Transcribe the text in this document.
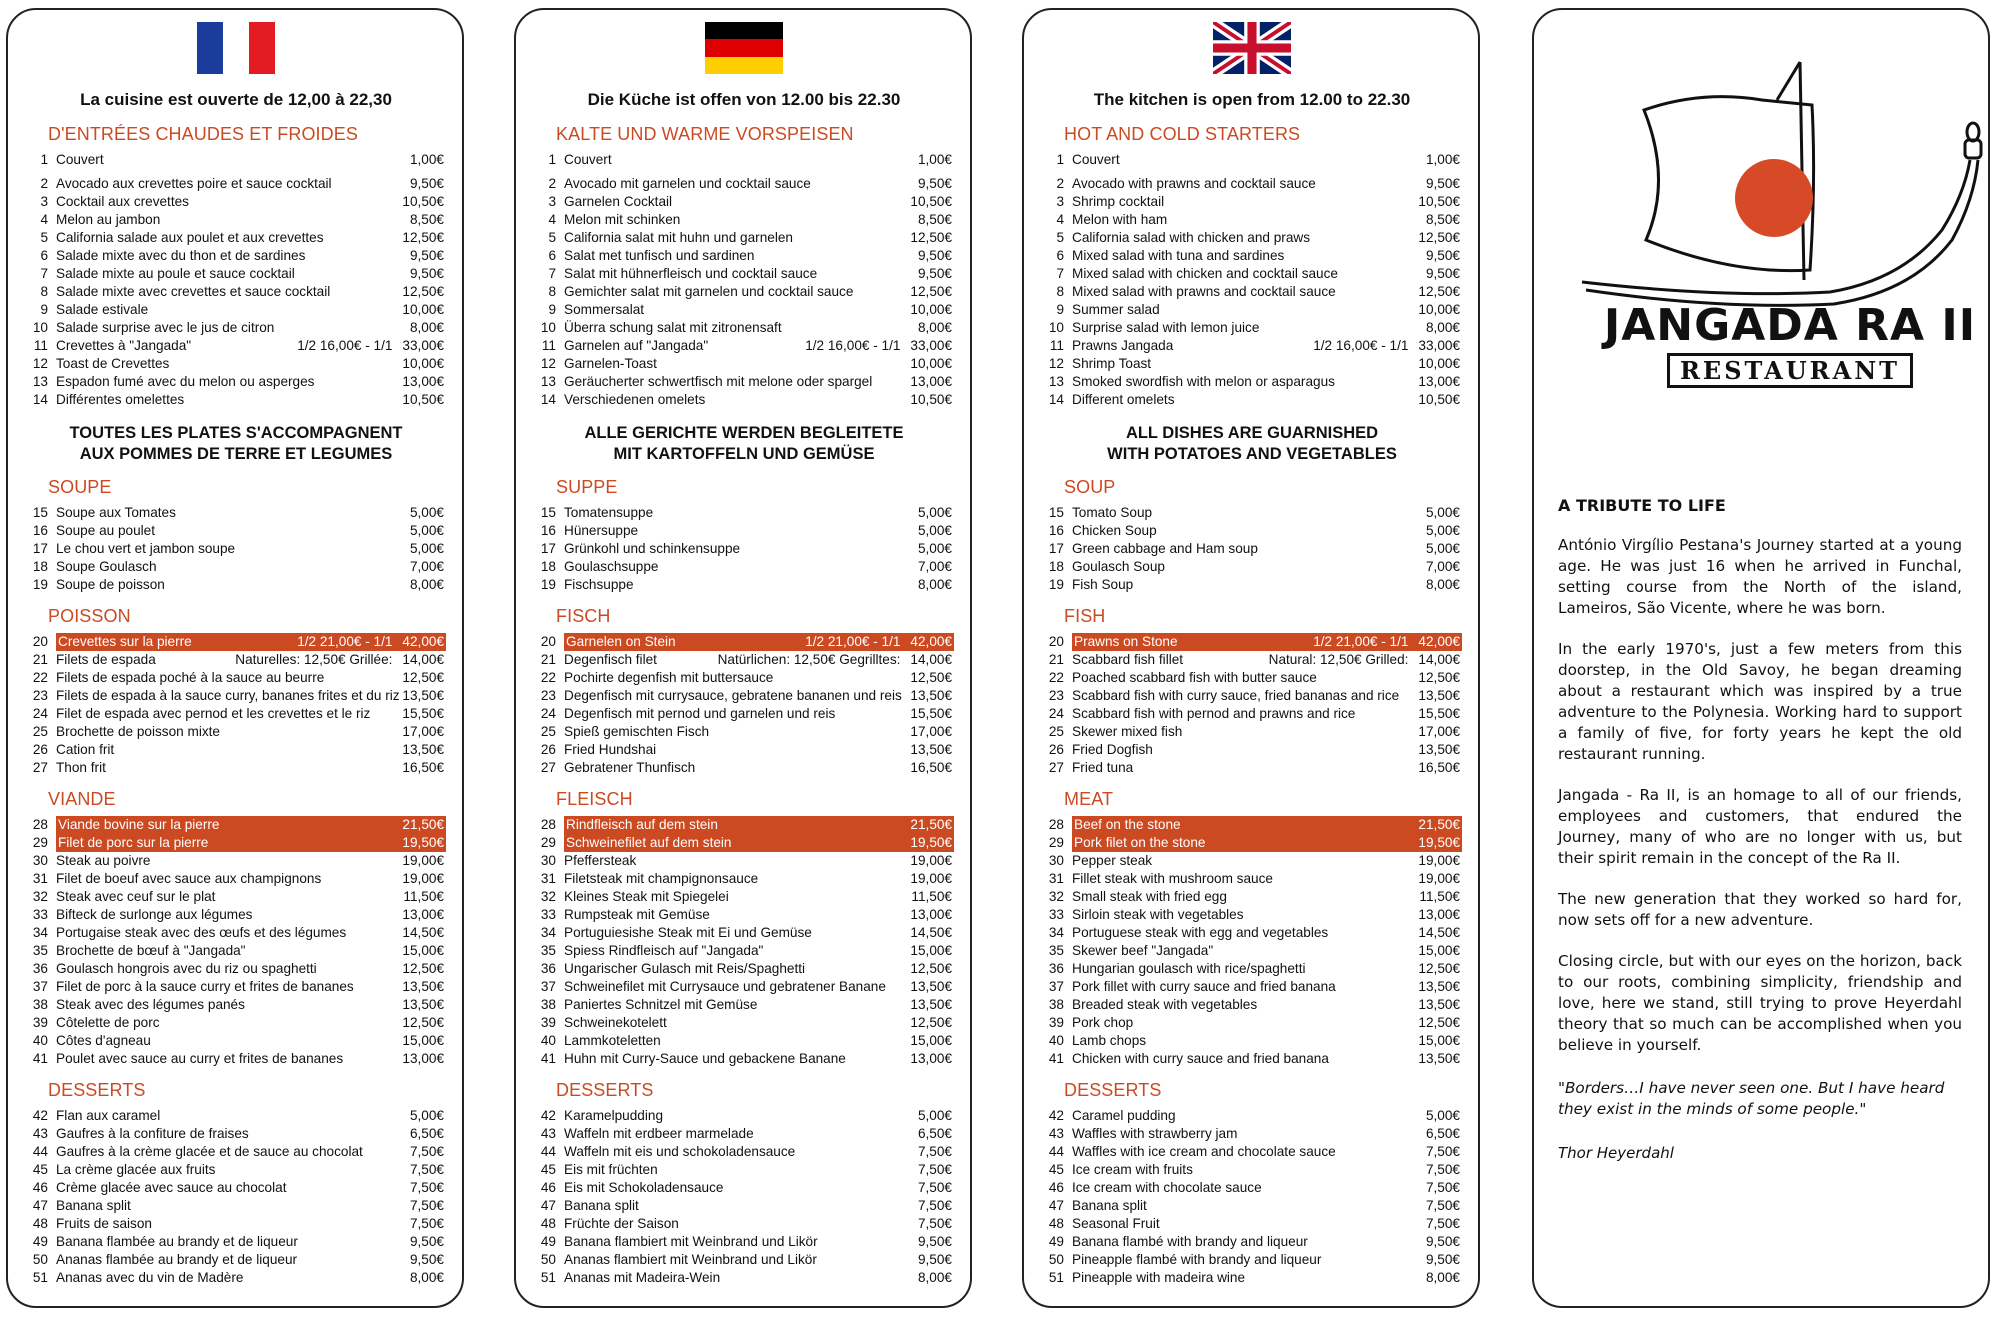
La cuisine est ouverte de 12,00 à 22,30
D'ENTRÉES CHAUDES ET FROIDES
1 Couvert	1,00€
2 Avocado aux crevettes poire et sauce cocktail	9,50€
3 Cocktail aux crevettes	10,50€
4 Melon au jambon	8,50€
5 California salade aux poulet et aux crevettes	12,50€
6 Salade mixte avec du thon et de sardines	9,50€
7 Salade mixte au poule et sauce cocktail	9,50€
8 Salade mixte avec crevettes et sauce cocktail	12,50€
9 Salade estivale	10,00€
10 Salade surprise avec le jus de citron	8,00€
11 Crevettes à "Jangada"	1/2 16,00€ - 1/1 33,00€
12 Toast de Crevettes	10,00€
13 Espadon fumé avec du melon ou asperges	13,00€
14 Différentes omelettes	10,50€
TOUTES LES PLATES S'ACCOMPAGNENT
AUX POMMES DE TERRE ET LEGUMES
SOUPE
15 Soupe aux Tomates	5,00€
16 Soupe au poulet	5,00€
17 Le chou vert et jambon soupe	5,00€
18 Soupe Goulasch	7,00€
19 Soupe de poisson	8,00€
POISSON
20 Crevettes sur la pierre	1/2 21,00€ - 1/1 42,00€
21 Filets de espada	Naturelles: 12,50€ Grillée: 14,00€
22 Filets de espada poché à la sauce au beurre	12,50€
23 Filets de espada à la sauce curry, bananes frites et du riz 13,50€
24 Filet de espada avec pernod et les crevettes et le riz	15,50€
25 Brochette de poisson mixte	17,00€
26 Cation frit	13,50€
27 Thon frit	16,50€
VIANDE
28 Viande bovine sur la pierre	21,50€
29 Filet de porc sur la pierre	19,50€
30 Steak au poivre	19,00€
31 Filet de boeuf avec sauce aux champignons	19,00€
32 Steak avec ceuf sur le plat	11,50€
33 Bifteck de surlonge aux légumes	13,00€
34 Portugaise steak avec des œufs et des légumes	14,50€
35 Brochette de bœuf à "Jangada"	15,00€
36 Goulasch hongrois avec du riz ou spaghetti	12,50€
37 Filet de porc à la sauce curry et frites de bananes	13,50€
38 Steak avec des légumes panés	13,50€
39 Côtelette de porc	12,50€
40 Côtes d'agneau	15,00€
41 Poulet avec sauce au curry et frites de bananes	13,00€
DESSERTS
42 Flan aux caramel	5,00€
43 Gaufres à la confiture de fraises	6,50€
44 Gaufres à la crème glacée et de sauce au chocolat	7,50€
45 La crème glacée aux fruits	7,50€
46 Crème glacée avec sauce au chocolat	7,50€
47 Banana split	7,50€
48 Fruits de saison	7,50€
49 Banana flambée au brandy et de liqueur	9,50€
50 Ananas flambée au brandy et de liqueur	9,50€
51 Ananas avec du vin de Madère	8,00€
Die Küche ist offen von 12.00 bis 22.30
KALTE UND WARME VORSPEISEN
1 Couvert	1,00€
2 Avocado mit garnelen und cocktail sauce	9,50€
3 Garnelen Cocktail	10,50€
4 Melon mit schinken	8,50€
5 California salat mit huhn und garnelen	12,50€
6 Salat met tunfisch und sardinen	9,50€
7 Salat mit hühnerfleisch und cocktail sauce	9,50€
8 Gemichter salat mit garnelen und cocktail sauce	12,50€
9 Sommersalat	10,00€
10 Überra schung salat mit zitronensaft	8,00€
11 Garnelen auf "Jangada"	1/2 16,00€ - 1/1 33,00€
12 Garnelen-Toast	10,00€
13 Geräucherter schwertfisch mit melone oder spargel	13,00€
14 Verschiedenen omelets	10,50€
ALLE GERICHTE WERDEN BEGLEITETE
MIT KARTOFFELN UND GEMÜSE
SUPPE
15 Tomatensuppe	5,00€
16 Hünersuppe	5,00€
17 Grünkohl und schinkensuppe	5,00€
18 Goulaschsuppe	7,00€
19 Fischsuppe	8,00€
FISCH
20 Garnelen on Stein	1/2 21,00€ - 1/1 42,00€
21 Degenfisch filet	Natürlichen: 12,50€ Gegrilltes: 14,00€
22 Pochirte degenfish mit buttersauce	12,50€
23 Degenfisch mit currysauce, gebratene bananen und reis 13,50€
24 Degenfisch mit pernod und garnelen und reis	15,50€
25 Spieß gemischten Fisch	17,00€
26 Fried Hundshai	13,50€
27 Gebratener Thunfisch	16,50€
FLEISCH
28 Rindfleisch auf dem stein	21,50€
29 Schweinefilet auf dem stein	19,50€
30 Pfeffersteak	19,00€
31 Filetsteak mit champignonsauce	19,00€
32 Kleines Steak mit Spiegelei	11,50€
33 Rumpsteak mit Gemüse	13,00€
34 Portuguiesishe Steak mit Ei und Gemüse	14,50€
35 Spiess Rindfleisch auf "Jangada"	15,00€
36 Ungarischer Gulasch mit Reis/Spaghetti	12,50€
37 Schweinefilet mit Currysauce und gebratener Banane	13,50€
38 Paniertes Schnitzel mit Gemüse	13,50€
39 Schweinekotelett	12,50€
40 Lammkoteletten	15,00€
41 Huhn mit Curry-Sauce und gebackene Banane	13,00€
DESSERTS
42 Karamelpudding	5,00€
43 Waffeln mit erdbeer marmelade	6,50€
44 Waffeln mit eis und schokoladensauce	7,50€
45 Eis mit früchten	7,50€
46 Eis mit Schokoladensauce	7,50€
47 Banana split	7,50€
48 Früchte der Saison	7,50€
49 Banana flambiert mit Weinbrand und Likör	9,50€
50 Ananas flambiert mit Weinbrand und Likör	9,50€
51 Ananas mit Madeira-Wein	8,00€
The kitchen is open from 12.00 to 22.30
HOT AND COLD STARTERS
1 Couvert	1,00€
2 Avocado with prawns and cocktail sauce	9,50€
3 Shrimp cocktail	10,50€
4 Melon with ham	8,50€
5 California salad with chicken and praws	12,50€
6 Mixed salad with tuna and sardines	9,50€
7 Mixed salad with chicken and cocktail sauce	9,50€
8 Mixed salad with prawns and cocktail sauce	12,50€
9 Summer salad	10,00€
10 Surprise salad with lemon juice	8,00€
11 Prawns Jangada	1/2 16,00€ - 1/1 33,00€
12 Shrimp Toast	10,00€
13 Smoked swordfish with melon or asparagus	13,00€
14 Different omelets	10,50€
ALL DISHES ARE GUARNISHED
WITH POTATOES AND VEGETABLES
SOUP
15 Tomato Soup	5,00€
16 Chicken Soup	5,00€
17 Green cabbage and Ham soup	5,00€
18 Goulasch Soup	7,00€
19 Fish Soup	8,00€
FISH
20 Prawns on Stone	1/2 21,00€ - 1/1 42,00€
21 Scabbard fish fillet	Natural: 12,50€ Grilled: 14,00€
22 Poached scabbard fish with butter sauce	12,50€
23 Scabbard fish with curry sauce, fried bananas and rice	13,50€
24 Scabbard fish with pernod and prawns and rice	15,50€
25 Skewer mixed fish	17,00€
26 Fried Dogfish	13,50€
27 Fried tuna	16,50€
MEAT
28 Beef on the stone	21,50€
29 Pork filet on the stone	19,50€
30 Pepper steak	19,00€
31 Fillet steak with mushroom sauce	19,00€
32 Small steak with fried egg	11,50€
33 Sirloin steak with vegetables	13,00€
34 Portuguese steak with egg and vegetables	14,50€
35 Skewer beef "Jangada"	15,00€
36 Hungarian goulasch with rice/spaghetti	12,50€
37 Pork fillet with curry sauce and fried banana	13,50€
38 Breaded steak with vegetables	13,50€
39 Pork chop	12,50€
40 Lamb chops	15,00€
41 Chicken with curry sauce and fried banana	13,50€
DESSERTS
42 Caramel pudding	5,00€
43 Waffles with strawberry jam	6,50€
44 Waffles with ice cream and chocolate sauce	7,50€
45 Ice cream with fruits	7,50€
46 Ice cream with chocolate sauce	7,50€
47 Banana split	7,50€
48 Seasonal Fruit	7,50€
49 Banana flambé with brandy and liqueur	9,50€
50 Pineapple flambé with brandy and liqueur	9,50€
51 Pineapple with madeira wine	8,00€
JANGADA RA II
RESTAURANT
A TRIBUTE TO LIFE
António Virgílio Pestana's Journey started at a young age. He was just 16 when he arrived in Funchal, setting course from the North of the island, Lameiros, São Vicente, where he was born.
In the early 1970's, just a few meters from this doorstep, in the Old Savoy, he began dreaming about a restaurant which was inspired by a true adventure to the Polynesia. Working hard to support a family of five, for forty years he kept the old restaurant running.
Jangada - Ra II, is an homage to all of our friends, employees and customers, that endured the Journey, many of who are no longer with us, but their spirit remain in the concept of the Ra II.
The new generation that they worked so hard for, now sets off for a new adventure.
Closing circle, but with our eyes on the horizon, back to our roots, combining simplicity, friendship and love, here we stand, still trying to prove Heyerdahl theory that so much can be accomplished when you believe in yourself.
"Borders…I have never seen one. But I have heard they exist in the minds of some people."
Thor Heyerdahl
